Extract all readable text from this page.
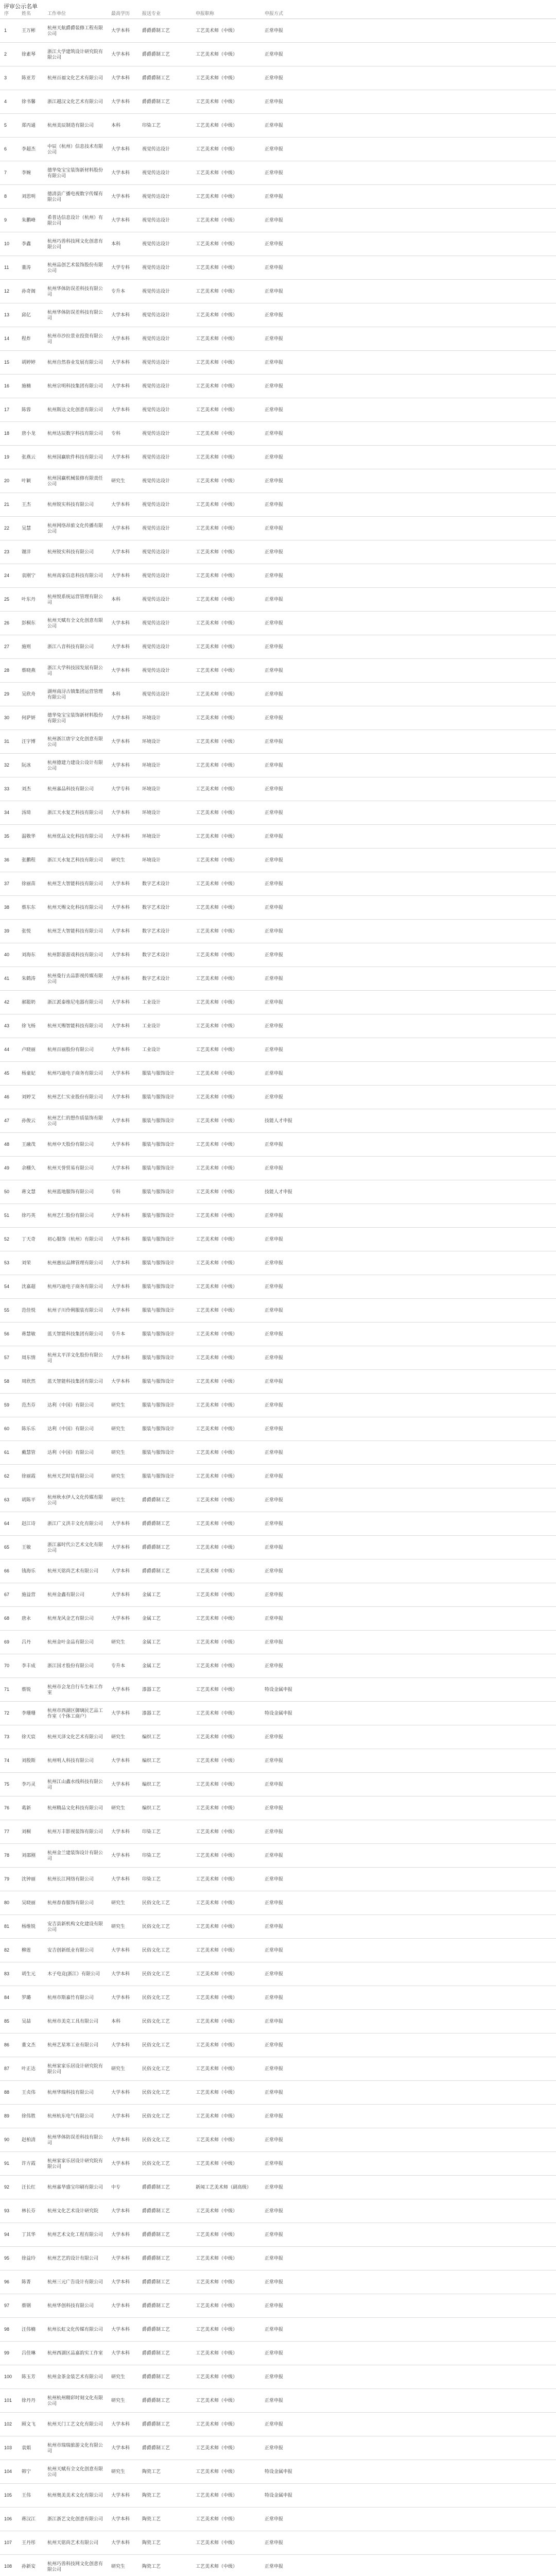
评审公示名单
序	姓名	工作单位	最高学历	报送专业	申报职称	申报方式	
1	王万彬	杭州天航爵爵装修工程有限公司	大学本科	爵爵爵制工艺	工艺美术师（中级）	正常申报	
2	徐素琴	浙江大学建筑设计研究院有限公司	大学本科	爵爵爵制工艺	工艺美术师（中级）	正常申报	
3	陈亚芳	杭州百福文化艺术有限公司	大学本科	爵爵爵制工艺	工艺美术师（中级）	正常申报	
4	徐书馨	浙江越汉文化艺术有限公司	大学本科	爵爵爵制工艺	工艺美术师（中级）	正常申报	
5	郑丙通	杭州美辰制造有限公司	本科	印染工艺	工艺美术师（中级）	正常申报	
6	李超杰	中辰（杭州）信息技术有限公司	大学本科	视觉传达设计	工艺美术师（中级）	正常申报	
7	李婉	德华兔宝宝装饰新材料股份有限公司	大学本科	视觉传达设计	工艺美术师（中级）	正常申报	
8	刘思明	德清县广播电视数字传媒有限公司	大学本科	视觉传达设计	工艺美术师（中级）	正常申报	
9	朱鹏峰	希普达信息设计（杭州）有限公司	大学本科	视觉传达设计	工艺美术师（中级）	正常申报	
10	李鑫	杭州巧兽科技网文化创意有限公司	本科	视觉传达设计	工艺美术师（中级）	正常申报	
11	董涛	杭州品创艺术装饰股份有限公司	大学专科	视觉传达设计	工艺美术师（中级）	正常申报	
12	孙奇阁	杭州华体防误差科技有限公司	专升本	视觉传达设计	工艺美术师（中级）	正常申报	
13	邱亿	杭州华体防误差科技有限公司	大学本科	视觉传达设计	工艺美术师（中级）	正常申报	
14	程炸	杭州市沙拉景业投资有限公司	大学本科	视觉传达设计	工艺美术师（中级）	正常申报	
15	胡婷婷	杭州自然春业发展有限公司	大学本科	视觉传达设计	工艺美术师（中级）	正常申报	
16	施楠	杭州宗明科技集团有限公司	大学本科	视觉传达设计	工艺美术师（中级）	正常申报	
17	陈蓉	杭州斯达文化创意有限公司	大学本科	视觉传达设计	工艺美术师（中级）	正常申报	
18	唐小龙	杭州达辰数字科技有限公司	专科	视觉传达设计	工艺美术师（中级）	正常申报	
19	张燕云	杭州国赢软件科技有限公司	大学本科	视觉传达设计	工艺美术师（中级）	正常申报	
20	叶颖	杭州国赢机械装修有限责任公司	研究生	视觉传达设计	工艺美术师（中级）	正常申报	
21	王杰	杭州锐实科技有限公司	大学本科	视觉传达设计	工艺美术师（中级）	正常申报	
22	吴慧	杭州网络昂旅文化传播有限公司	大学本科	视觉传达设计	工艺美术师（中级）	正常申报	
23	谢洋	杭州锐实科技有限公司	大学本科	视觉传达设计	工艺美术师（中级）	正常申报	
24	袁刚宁	杭州高家信息科技有限公司	大学本科	视觉传达设计	工艺美术师（中级）	正常申报	
25	叶东丹	杭州悦系统运营管理有限公司	本科	视觉传达设计	工艺美术师（中级）	正常申报	
26	彭桐东	杭州天赋有全文化创意有限公司	大学本科	视觉传达设计	工艺美术师（中级）	正常申报	
27	施则	浙江八音科技有限公司	大学本科	视觉传达设计	工艺美术师（中级）	正常申报	
28	蔡晓燕	浙江大学科技园发展有限公司	大学本科	视觉传达设计	工艺美术师（中级）	正常申报	
29	吴欣舟	湖州南浔古镇集团运营管理有限公司	本科	视觉传达设计	工艺美术师（中级）	正常申报	
30	何萨妍	德华兔宝宝装饰新材料股份有限公司	大学本科	环境设计	工艺美术师（中级）	正常申报	
31	汪宇博	杭州浙江唐宇文化创意有限公司	大学本科	环境设计	工艺美术师（中级）	正常申报	
32	阮冰	杭州德建力建设公设计有限公司	大学本科	环境设计	工艺美术师（中级）	正常申报	
33	刘杰	杭州嘉品科技有限公司	大学专科	环境设计	工艺美术师（中级）	正常申报	
34	汤琦	浙江天水复艺科技有限公司	大学本科	环境设计	工艺美术师（中级）	正常申报	
35	温敬华	杭州优品文化科技有限公司	大学本科	环境设计	工艺美术师（中级）	正常申报	
36	张鹏程	浙江天水复艺科技有限公司	研究生	环境设计	工艺美术师（中级）	正常申报	
37	徐丽苗	杭州芝大智能科技有限公司	大学本科	数字艺术设计	工艺美术师（中级）	正常申报	
38	蔡东东	杭州天赐文化科技有限公司	大学本科	数字艺术设计	工艺美术师（中级）	正常申报	
39	张悦	杭州芝大智能科技有限公司	大学本科	数字艺术设计	工艺美术师（中级）	正常申报	
40	刘海东	杭州影游游戏科技有限公司	大学本科	数字艺术设计	工艺美术师（中级）	正常申报	
41	朱鹤涛	杭州曼行去品影视传媒有限公司	大学本科	数字艺术设计	工艺美术师（中级）	正常申报	
42	郝聪奶	浙江派泰维尼电器有限公司	大学本科	工业设计	工艺美术师（中级）	正常申报	
43	徐飞杨	杭州天赐智能科技有限公司	大学本科	工业设计	工艺美术师（中级）	正常申报	
44	卢晓丽	杭州百丽股份有限公司	大学本科	工业设计	工艺美术师（中级）	正常申报	
45	杨童妃	杭州巧迪电子商务有限公司	大学本科	服装与服饰设计	工艺美术师（中级）	正常申报	
46	刘婷艾	杭州艺仁实业股份有限公司	大学本科	服装与服饰设计	工艺美术师（中级）	正常申报	
47	孙俊云	杭州艺仁的想作质装饰有限公司	大学本科	服装与服饰设计	工艺美术师（中级）	技能人才申报	
48	王融茂	杭州中天股份有限公司	大学本科	服装与服饰设计	工艺美术师（中级）	正常申报	
49	余棚久	杭州天誉贸易有限公司	大学本科	服装与服饰设计	工艺美术师（中级）	正常申报	
50	蒋文慧	杭州蓝地服饰有限公司	专科	服装与服饰设计	工艺美术师（中级）	技能人才申报	
51	徐巧英	杭州艺仁股份有限公司	大学本科	服装与服饰设计	工艺美术师（中级）	正常申报	
52	丁天奇	初心服饰（杭州）有限公司	大学本科	服装与服饰设计	工艺美术师（中级）	正常申报	
53	刘荣	杭州惠辰品牌管理有限公司	大学本科	服装与服饰设计	工艺美术师（中级）	正常申报	
54	沈嘉超	杭州巧迪电子商务有限公司	大学本科	服装与服饰设计	工艺美术师（中级）	正常申报	
55	范佳悦	杭州子川伶俐服装有限公司	大学本科	服装与服饰设计	工艺美术师（中级）	正常申报	
56	蒋慧敏	蓝天智能科技集团有限公司	专升本	服装与服饰设计	工艺美术师（中级）	正常申报	
57	周东情	杭州太平洋文化股份有限公司	大学本科	服装与服饰设计	工艺美术师（中级）	正常申报	
58	周欣然	蓝天智能科技集团有限公司	大学本科	服装与服饰设计	工艺美术师（中级）	正常申报	
59	范杰芬	达利（中国）有限公司	研究生	服装与服饰设计	工艺美术师（中级）	正常申报	
60	陈乐乐	达利（中国）有限公司	研究生	服装与服饰设计	工艺美术师（中级）	正常申报	
61	戴慧管	达利（中国）有限公司	研究生	服装与服饰设计	工艺美术师（中级）	正常申报	
62	徐丽霞	杭州天艺时装有限公司	研究生	服装与服饰设计	工艺美术师（中级）	正常申报	
63	胡陈平	杭州秋水伊人文化传媒有限公司	研究生	爵爵爵制工艺	工艺美术师（中级）	正常申报	
64	赵江诗	浙江广义洪丰文化有限公司	大学本科	爵爵爵制工艺	工艺美术师（中级）	正常申报	
65	王敏	浙江嘉时代公艺术文化有限公司	大学本科	爵爵爵制工艺	工艺美术师（中级）	正常申报	
66	钱海乐	杭州天铭尚艺术有限公司	大学本科	爵爵爵制工艺	工艺美术师（中级）	正常申报	
67	施益营	杭州金鑫有限公司	大学本科	金属工艺	工艺美术师（中级）	正常申报	
68	唐永	杭州龙风金艺有限公司	大学本科	金属工艺	工艺美术师（中级）	正常申报	
69	吕丹	杭州金叶金品有限公司	研究生	金属工艺	工艺美术师（中级）	正常申报	
70	李丰成	浙江国才股份有限公司	专升本	金属工艺	工艺美术师（中级）	正常申报	
71	蔡锐	杭州市会龙自行车生和工作室	大学本科	漆器工艺	工艺美术师（中级）	特设金属申报	
72	李珊珊	杭州市西湖区御璃民艺品工作室（个体工商户）	大学本科	漆器工艺	工艺美术师（中级）	特设金属申报	
73	徐天宸	杭州天泽文化艺术有限公司	研究生	编织工艺	工艺美术师（中级）	正常申报	
74	刘殷斯	杭州明人科技有限公司	大学本科	编织工艺	工艺美术师（中级）	正常申报	
75	李巧灵	杭州江山鑫水线科技有限公司	大学本科	编织工艺	工艺美术师（中级）	正常申报	
76	葛新	杭州精品文化科技有限公司	研究生	编织工艺	工艺美术师（中级）	正常申报	
77	刘桐	杭州万丰影视装饰有限公司	大学本科	印染工艺	工艺美术师（中级）	正常申报	
78	刘邵刚	杭州金兰建装饰设计有限公司	大学本科	印染工艺	工艺美术师（中级）	正常申报	
79	沈钟丽	杭州长江网络有限公司	大学本科	印染工艺	工艺美术师（中级）	正常申报	
80	吴晓丽	杭州春春服饰有限公司	研究生	民俗文化工艺	工艺美术师（中级）	正常申报	
81	杨维锐	安吉县新机构文化建设有限公司	研究生	民俗文化工艺	工艺美术师（中级）	正常申报	
82	柳莲	安吉创新纸业有限公司	大学本科	民俗文化工艺	工艺美术师（中级）	正常申报	
83	胡生元	木子电竞(浙江）有限公司	大学本科	民俗文化工艺	工艺美术师（中级）	正常申报	
84	罗璐	杭州市斯嘉竹有限公司	大学本科	民俗文化工艺	工艺美术师（中级）	正常申报	
85	吴喆	杭州市美克工具有限公司	本科	民俗文化工艺	工艺美术师（中级）	正常申报	
86	董文杰	杭州艺星寒工业有限公司	大学本科	民俗文化工艺	工艺美术师（中级）	正常申报	
87	叶正达	杭州家家乐居设计研究院有限公司	研究生	民俗文化工艺	工艺美术师（中级）	正常申报	
88	王贞伟	杭州华瑞科技有限公司	大学本科	民俗文化工艺	工艺美术师（中级）	正常申报	
89	徐伟胜	杭州杭东电气有限公司	大学本科	民俗文化工艺	工艺美术师（中级）	正常申报	
90	赵柏清	杭州华体防误差科技有限公司	大学本科	民俗文化工艺	工艺美术师（中级）	正常申报	
91	许方霞	杭州家家乐居设计研究院有限公司	大学本科	民俗文化工艺	工艺美术师（中级）	正常申报	
92	汪长红	杭州嘉华盛宝印刷有限公司	中专	爵爵爵制工艺	新闻工艺美术师（副高级）	正常申报	
93	林长芬	杭州文化艺术设计研究院	大学本科	爵爵爵制工艺	工艺美术师（中级）	正常申报	
94	丁其华	杭州艺术文化工程有限公司	大学本科	爵爵爵制工艺	工艺美术师（中级）	正常申报	
95	徐益玲	杭州艺艺的设计有限公司	大学本科	爵爵爵制工艺	工艺美术师（中级）	正常申报	
96	陈菁	杭州三元广告设计有限公司	大学本科	爵爵爵制工艺	工艺美术师（中级）	正常申报	
97	蔡钢	杭州华创科技有限公司	大学本科	爵爵爵制工艺	工艺美术师（中级）	正常申报	
98	汪伟楠	杭州长虹文化传媒有限公司	大学本科	爵爵爵制工艺	工艺美术师（中级）	正常申报	
99	吕佳琳	杭州西湖区品嘉韵实工作室	大学本科	爵爵爵制工艺	工艺美术师（中级）	正常申报	
100	陈玉芳	杭州金茶金装艺术有限公司	研究生	爵爵爵制工艺	工艺美术师（中级）	正常申报	
101	徐丹丹	杭州杭州精彩时刻文化有限公司	研究生	爵爵爵制工艺	工艺美术师（中级）	正常申报	
102	顾文飞	杭州天门工艺文化有限公司	大学本科	爵爵爵制工艺	工艺美术师（中级）	正常申报	
103	袁娟	杭州市瑞瑞旅游文化有限公司	大学本科	爵爵爵制工艺	工艺美术师（中级）	正常申报	
104	韩宁	杭州天赋有全文化创意有限公司	研究生	陶瓷工艺	工艺美术师（中级）	特设金属申报	
105	王伟	杭州奥美美术文化有限公司	大学本科	陶瓷工艺	工艺美术师（中级）	特设金属申报	
106	蒋汉江	浙江浙艺文化创意有限公司	大学本科	陶瓷工艺	工艺美术师（中级）	正常申报	
107	王丹彤	杭州天铭尚艺术有限公司	大学本科	陶瓷工艺	工艺美术师（中级）	正常申报	
108	孙新安	杭州巧兽科技网文化创意有限公司	研究生	陶瓷工艺	工艺美术师（中级）	正常申报	
